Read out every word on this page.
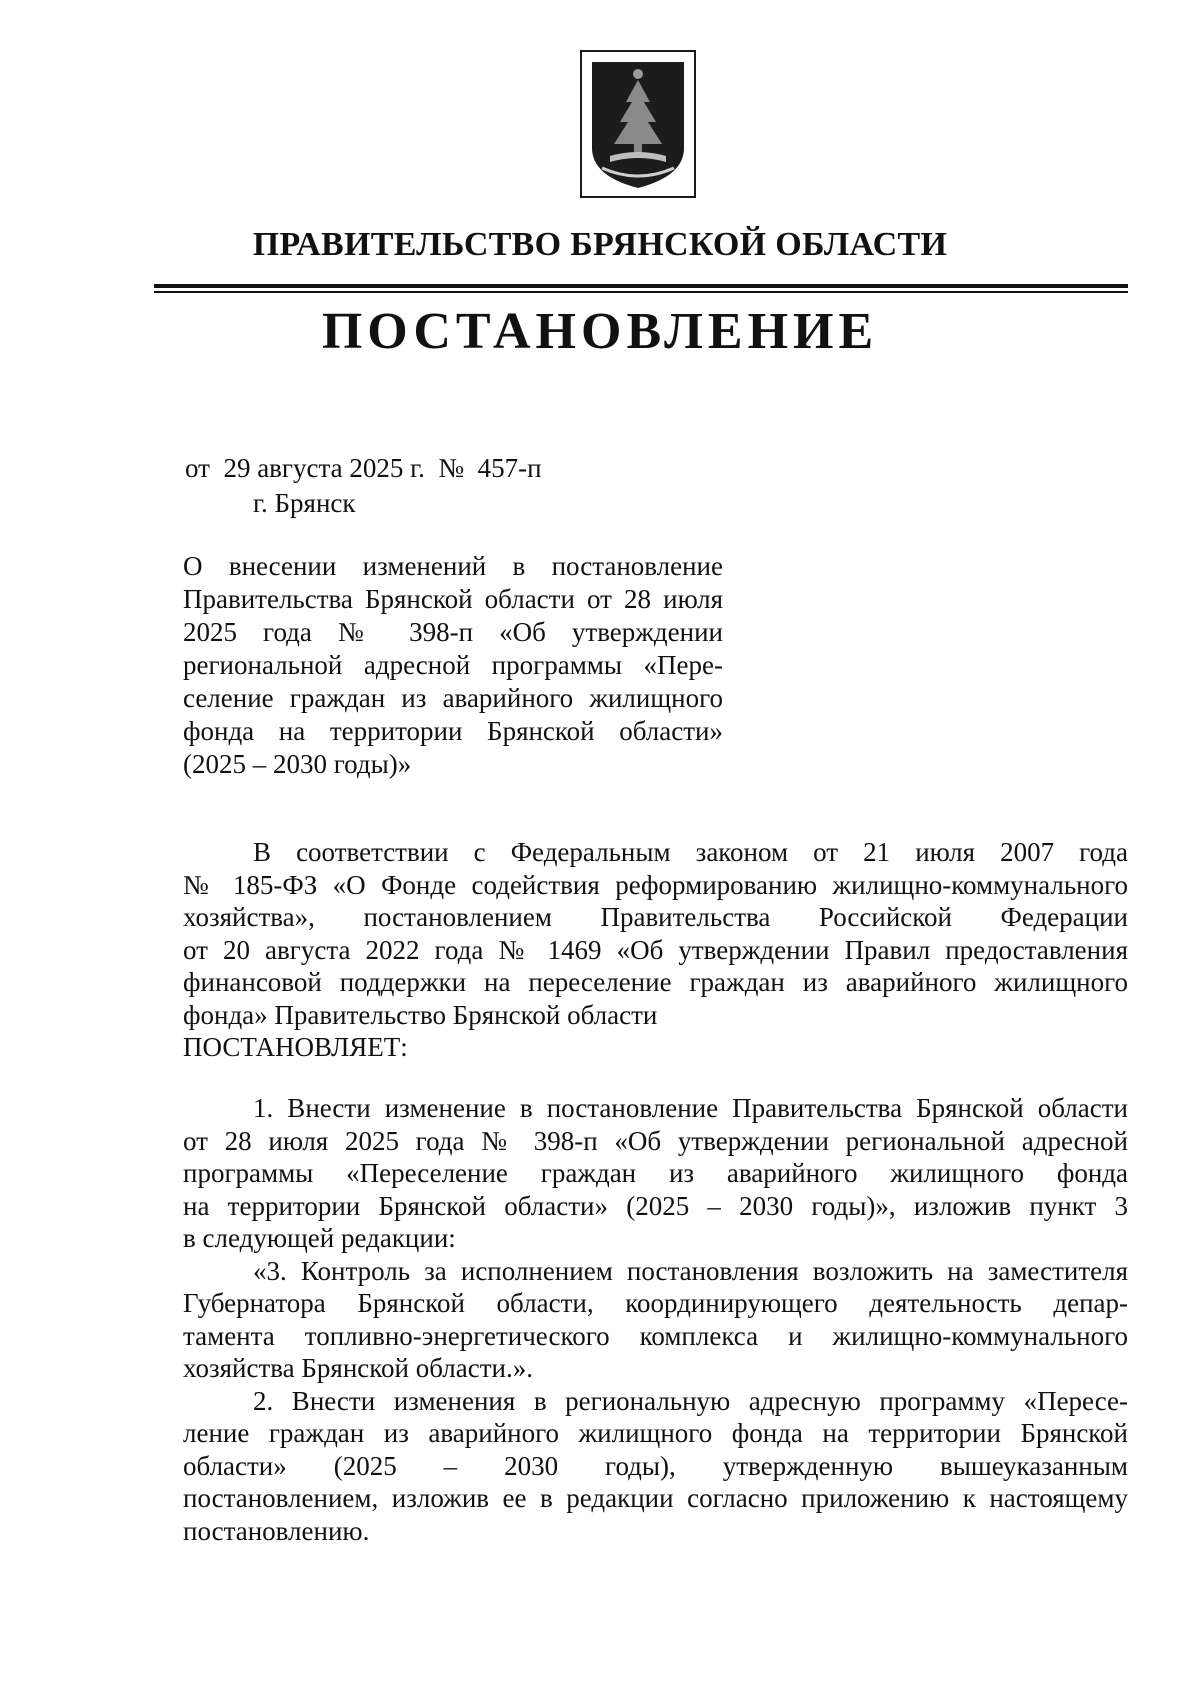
ПРАВИТЕЛЬСТВО БРЯНСКОЙ ОБЛАСТИ
ПОСТАНОВЛЕНИЕ
от  29 августа 2025 г.  №  457-п
г. Брянск
О внесении изменений в постановление
Правительства Брянской области от 28 июля
2025 года № 398-п «Об утверждении
региональной адресной программы «Пере-
селение граждан из аварийного жилищного
фонда на территории Брянской области»
(2025 – 2030 годы)»
В соответствии с Федеральным законом от 21 июля 2007 года
№ 185-ФЗ «О Фонде содействия реформированию жилищно-коммунального
хозяйства», постановлением Правительства Российской Федерации
от 20 августа 2022 года № 1469 «Об утверждении Правил предоставления
финансовой поддержки на переселение граждан из аварийного жилищного
фонда» Правительство Брянской области
ПОСТАНОВЛЯЕТ:
1. Внести изменение в постановление Правительства Брянской области
от 28 июля 2025 года № 398-п «Об утверждении региональной адресной
программы «Переселение граждан из аварийного жилищного фонда
на территории Брянской области» (2025 – 2030 годы)», изложив пункт 3
в следующей редакции:
«3. Контроль за исполнением постановления возложить на заместителя
Губернатора Брянской области, координирующего деятельность депар-
тамента топливно-энергетического комплекса и жилищно-коммунального
хозяйства Брянской области.».
2. Внести изменения в региональную адресную программу «Пересе-
ление граждан из аварийного жилищного фонда на территории Брянской
области» (2025 – 2030 годы), утвержденную вышеуказанным
постановлением, изложив ее в редакции согласно приложению к настоящему
постановлению.
